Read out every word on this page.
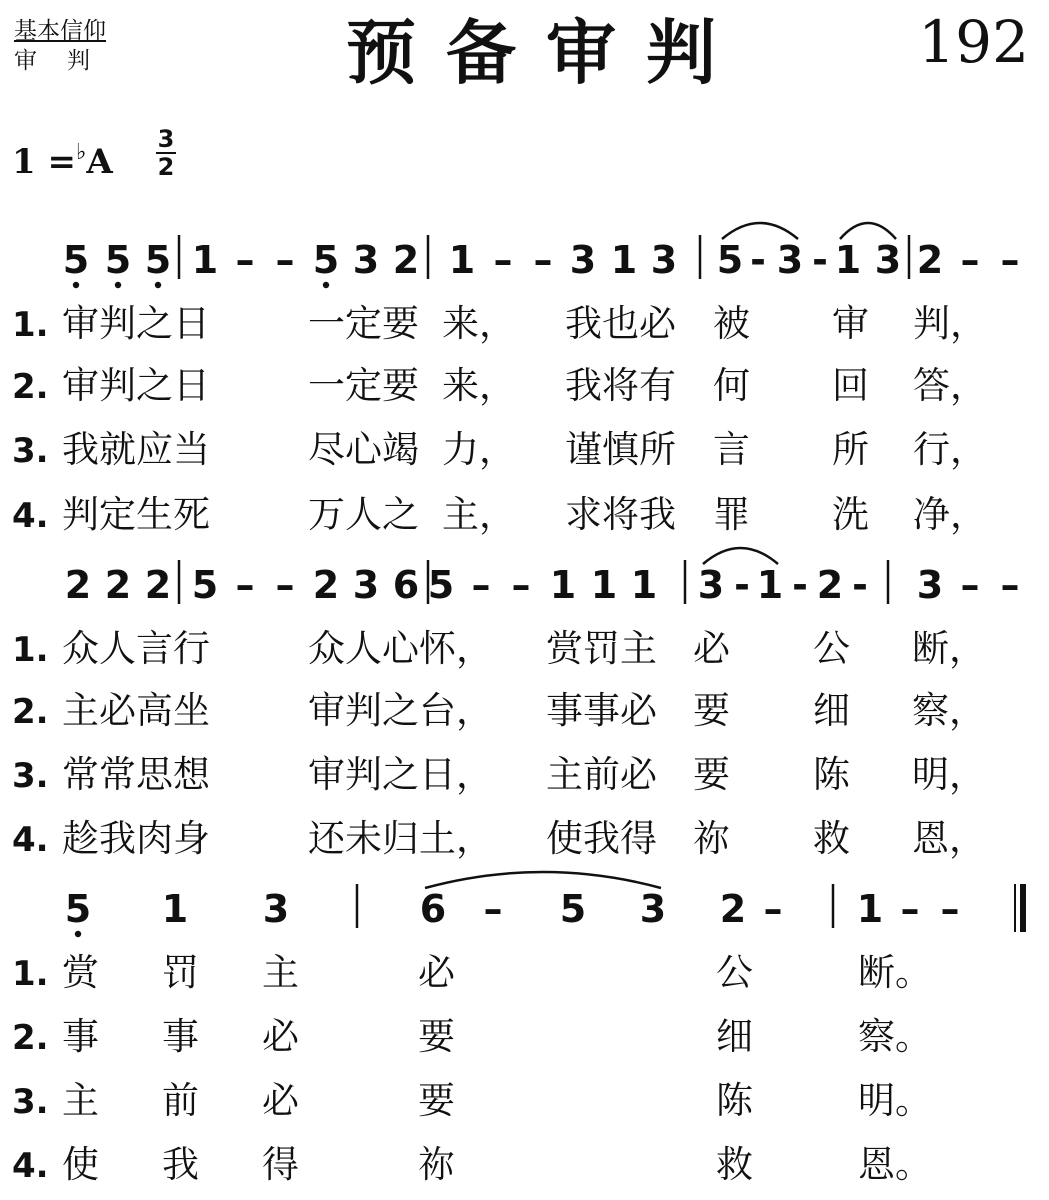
基本信仰
审判	预备审判	192
1 =♭A
3
2
5 5 5 1 – – 5 3 2 1 – – 3 1 3 5 - 3 - 1 3 2 – –
1. 审判之日	一定要 来， 我也必 被 审 判，
2. 审判之日	一定要 来， 我将有 何 回 答，
3. 我就应当	尽心竭 力， 谨慎所 言 所 行，
4. 判定生死	万人之 主， 求将我 罪 洗 净，
2 2 2 5 – – 2 3 6 5 – – 1 1 1 3 - 1 - 2 - 3 – –
1. 众人言行	众人心怀， 赏罚主 必 公 断，
2. 主必高坐	审判之台， 事事必 要 细 察，
3. 常常思想	审判之日， 主前必 要 陈 明，
4. 趁我肉身	还未归土， 使我得 祢 救 恩，
5 1 3	6 – 5 3 2 – 1 – –
1. 赏 罚 主	必	公	断。
2. 事 事 必	要	细	察。
3. 主 前 必	要	陈	明。
4. 使 我 得	祢	救	恩。
